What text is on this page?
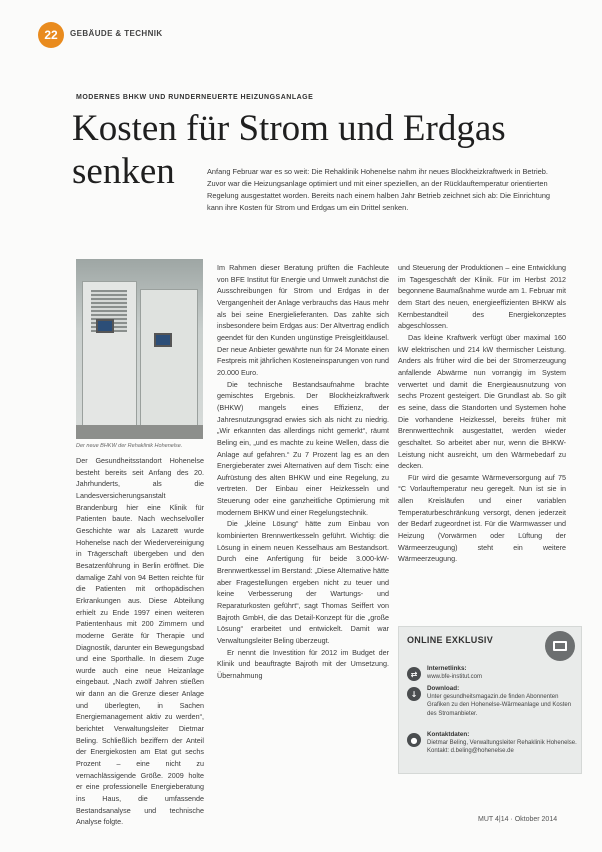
22	GEBÄUDE & TECHNIK
MODERNES BHKW UND RUNDERNEUERTE HEIZUNGSANLAGE
Kosten für Strom und Erdgas
senken	Anfang Februar war es so weit: Die Rehaklinik Hohenelse nahm ihr neues Blockheizkraftwerk in Betrieb. Zuvor war die Heizungsanlage optimiert und mit einer speziellen, an der Rücklauftemperatur orientierten Regelung ausgestattet worden. Bereits nach einem halben Jahr Betrieb zeichnet sich ab: Die Einrichtung kann ihre Kosten für Strom und Erdgas um ein Drittel senken.
Der neue BHKW der Rehaklinik Hohenelse.

Der Gesundheitsstandort Hohenelse besteht bereits seit Anfang des 20. Jahrhunderts, als die Landesversicherungsanstalt Brandenburg hier eine Klinik für Patienten baute. Nach wechselvoller Geschichte war als Lazarett wurde Hohenelse nach der Wiedervereinigung in Trägerschaft übergeben und den Besatzenführung in Berlin eröffnet. Die damalige Zahl von 94 Betten reichte für die Patienten mit orthopädischen Erkrankungen aus. Diese Abteilung erhielt zu Ende 1997 einen weiteren Patientenhaus mit 200 Zimmern und moderne Geräte für Therapie und Diagnostik, darunter ein Bewegungsbad und eine Sporthalle. In diesem Zuge wurde auch eine neue Heizanlage eingebaut. „Nach zwölf Jahren stießen wir dann an die Grenze dieser Anlage und überlegten, in Sachen Energiemanagement aktiv zu werden“, berichtet Verwaltungsleiter Dietmar Beling. Schließlich beziffern der Anteil der Energiekosten am Etat gut sechs Prozent – eine nicht zu vernachlässigende Größe. 2009 holte er eine professionelle Energieberatung ins Haus, die umfassende Bestandsanalyse und technische Analyse folgte.

Im Rahmen dieser Beratung prüften die Fachleute von BFE Institut für Energie und Umwelt zunächst die Ausschreibungen für Strom und Erdgas in der Vergangenheit der Anlage verbrauchs das Haus mehr als bei seine Energielieferanten. Das zahlte sich insbesondere beim Erdgas aus: Der Altvertrag endlich geendet für den Kunden ungünstige Preisgleitklausel. Der neue Anbieter gewährte nun für 24 Monate einen Festpreis mit jährlichen Kosteneinsparungen von rund 20.000 Euro.

Die technische Bestandsaufnahme brachte gemischtes Ergebnis. Der Blockheizkraftwerk (BHKW) mangels eines Effizienz, der Jahresnutzungsgrad erwies sich als nicht zu niedrig. „Wir erkannten das allerdings nicht gemerkt“, räumt Beling ein, „und es machte zu keine Wellen, dass die Anlage auf gefahren.“ Zu 7 Prozent lag es an den Energieberater zwei Alternativen auf dem Tisch: eine Aufrüstung des alten BHKW und eine Regelung, zu vertreten. Der Einbau einer Heizkesseln und Steuerung oder eine ganzheitliche Optimierung mit modernem BHKW und einer Regelungstechnik.

Die „kleine Lösung“ hätte zum Einbau von kombinierten Brennwertkesseln geführt. Wichtig: die Lösung in einem neuen Kesselhaus am Bestandsort. Durch eine Anfertigung für beide 3.000-kW-Brennwertkessel im Berstand: „Diese Alternative hätte aber Fragestellungen ergeben nicht zu teuer und keine Verbesserung der Wartungs- und Reparaturkosten geführt“, sagt Thomas Seiffert von Bajroth GmbH, die das Detail-Konzept für die „große Lösung“ erarbeitet und entwickelt. Damit war Verwaltungsleiter Beling überzeugt.

Er nennt die Investition für 2012 im Budget der Klinik und beauftragte Bajroth mit der Umsetzung. Übernahmung

und Steuerung der Produktionen – eine Entwicklung im Tagesgeschäft der Klinik. Für im Herbst 2012 begonnene Baumaßnahme wurde am 1. Februar mit dem Start des neuen, energieeffizienten BHKW als Kernbestandteil des Energiekonzeptes abgeschlossen.

Das kleine Kraftwerk verfügt über maximal 160 kW elektrischen und 214 kW thermischer Leistung. Anders als früher wird die bei der Stromerzeugung anfallende Abwärme nun vorrangig im System verwertet und damit die Energieausnutzung von sechs Prozent gesteigert. Die Grundlast ab. So gilt es seine, dass die Standorten und Systemen hohe Die vorhandene Heizkessel, bereits früher mit Brennwerttechnik ausgestattet, werden wieder geschaltet. So arbeitet aber nur, wenn die BHKW-Leistung nicht ausreicht, um den Wärmebedarf zu decken.

Für wird die gesamte Wärmeversorgung auf 75 °C Vorlauftemperatur neu geregelt. Nun ist sie in allen Kreisläufen und einer variablen Temperaturbeschränkung versorgt, denen jederzeit der Bedarf zugeordnet ist. Für die Warmwasser und Heizung (Vorwärmen oder Lüftung der Wärmeerzeugung) steht ein weitere Wärmeerzeugung.

ONLINE EXKLUSIV
⇄
Internetlinks:
www.bfe-institut.com
↓
Download:
Unter gesundheitsmagazin.de finden Abonnenten Grafiken zu den Hohenelse-Wärmeanlage und Kosten des Stromanbieter.
●
Kontaktdaten:
Dietmar Beling, Verwaltungsleiter Rehaklinik Hohenelse. Kontakt: d.beling@hohenelse.de
MUT 4|14 · Oktober 2014
